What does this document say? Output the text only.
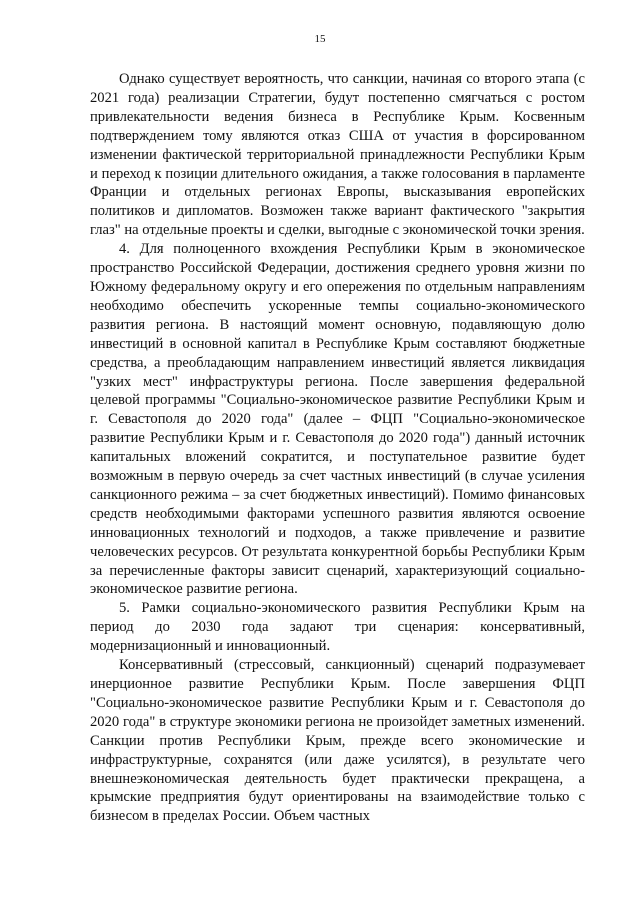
15

Однако существует вероятность, что санкции, начиная со второго этапа (с 2021 года) реализации Стратегии, будут постепенно смягчаться с ростом привлекательности ведения бизнеса в Республике Крым. Косвенным подтверждением тому являются отказ США от участия в форсированном изменении фактической территориальной принадлежности Республики Крым и переход к позиции длительного ожидания, а также голосования в парламенте Франции и отдельных регионах Европы, высказывания европейских политиков и дипломатов. Возможен также вариант фактического "закрытия глаз" на отдельные проекты и сделки, выгодные с экономической точки зрения.

4. Для полноценного вхождения Республики Крым в экономическое пространство Российской Федерации, достижения среднего уровня жизни по Южному федеральному округу и его опережения по отдельным направлениям необходимо обеспечить ускоренные темпы социально-экономического развития региона. В настоящий момент основную, подавляющую долю инвестиций в основной капитал в Республике Крым составляют бюджетные средства, а преобладающим направлением инвестиций является ликвидация "узких мест" инфраструктуры региона. После завершения федеральной целевой программы "Социально-экономическое развитие Республики Крым и г. Севастополя до 2020 года" (далее – ФЦП "Социально-экономическое развитие Республики Крым и г. Севастополя до 2020 года") данный источник капитальных вложений сократится, и поступательное развитие будет возможным в первую очередь за счет частных инвестиций (в случае усиления санкционного режима – за счет бюджетных инвестиций). Помимо финансовых средств необходимыми факторами успешного развития являются освоение инновационных технологий и подходов, а также привлечение и развитие человеческих ресурсов. От результата конкурентной борьбы Республики Крым за перечисленные факторы зависит сценарий, характеризующий социально-экономическое развитие региона.

5. Рамки социально-экономического развития Республики Крым на период до 2030 года задают три сценария: консервативный, модернизационный и инновационный.

Консервативный (стрессовый, санкционный) сценарий подразумевает инерционное развитие Республики Крым. После завершения ФЦП "Социально-экономическое развитие Республики Крым и г. Севастополя до 2020 года" в структуре экономики региона не произойдет заметных изменений. Санкции против Республики Крым, прежде всего экономические и инфраструктурные, сохранятся (или даже усилятся), в результате чего внешнеэкономическая деятельность будет практически прекращена, а крымские предприятия будут ориентированы на взаимодействие только с бизнесом в пределах России. Объем частных
